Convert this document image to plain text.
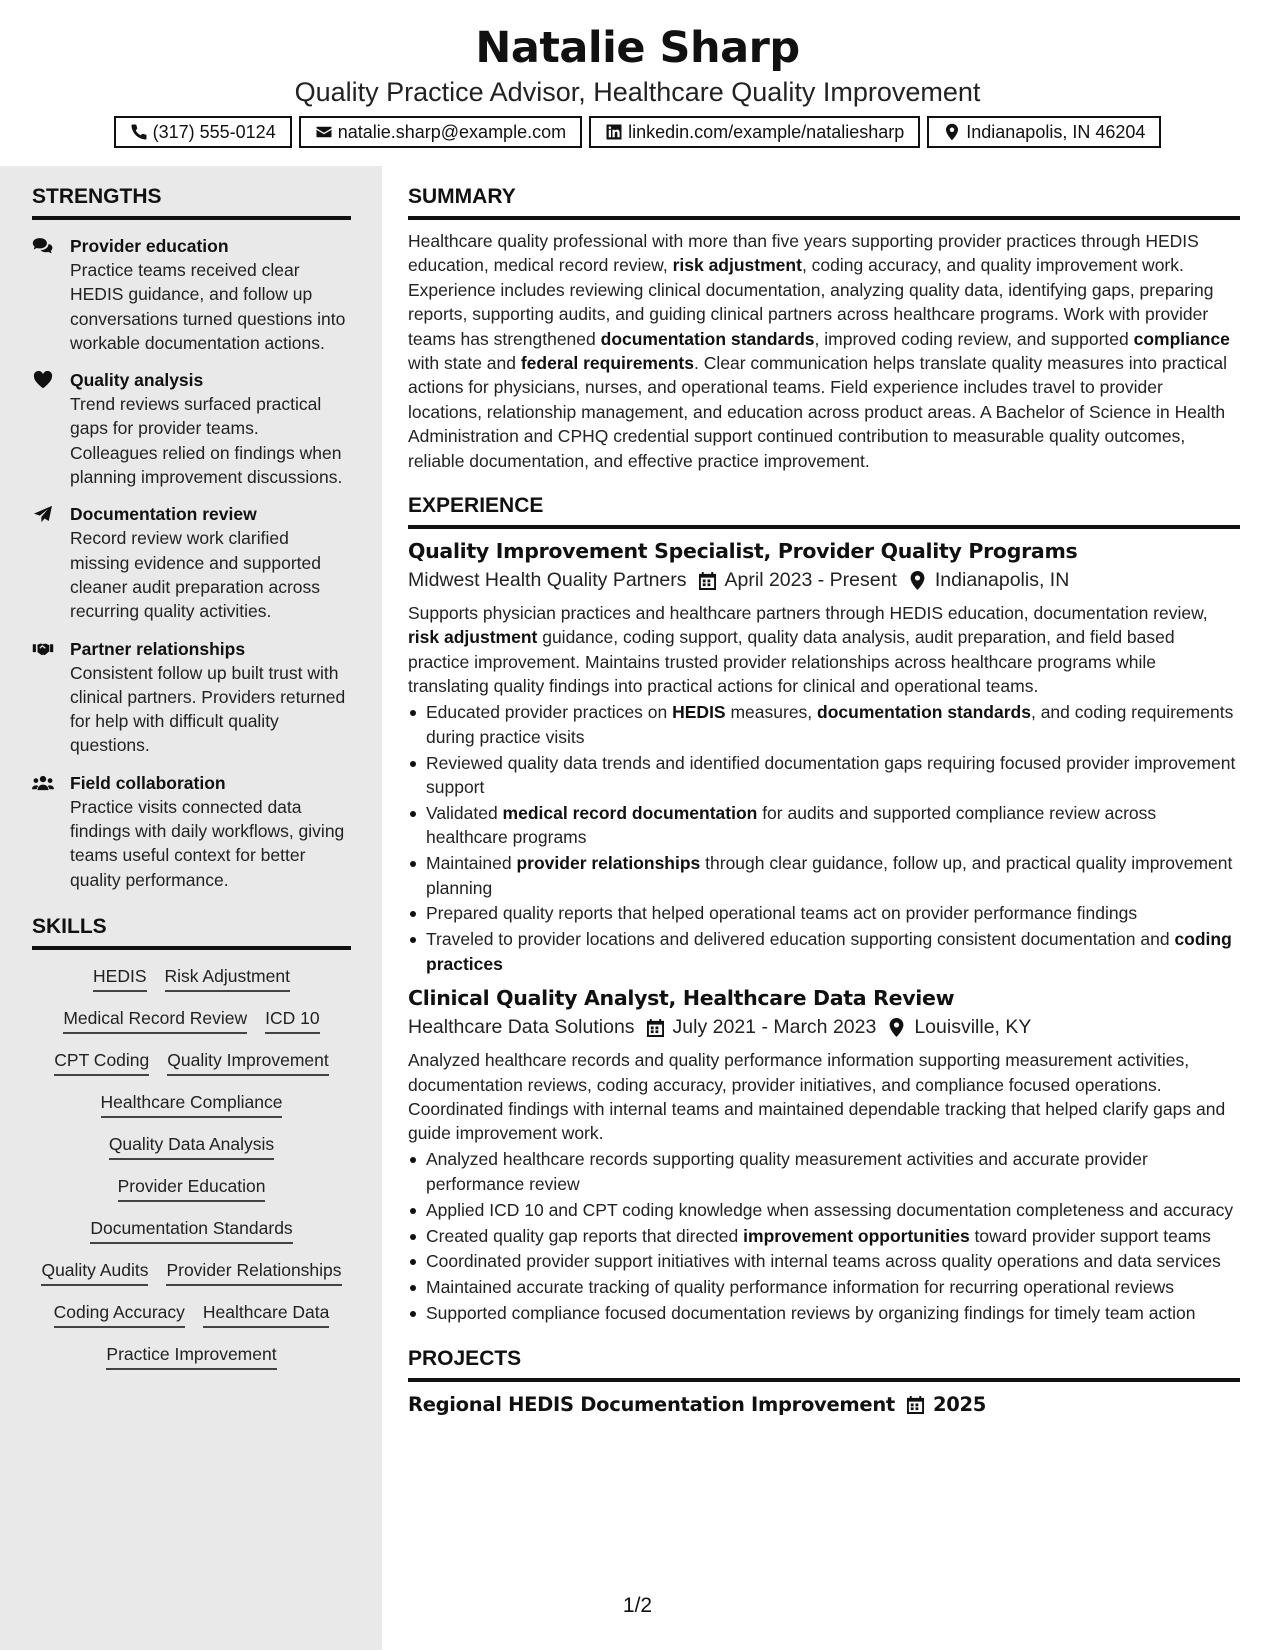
Natalie Sharp
Quality Practice Advisor, Healthcare Quality Improvement
(317) 555-0124	natalie.sharp@example.com	linkedin.com/example/nataliesharp	Indianapolis, IN 46204
STRENGTHS
Provider education
Practice teams received clear HEDIS guidance, and follow up conversations turned questions into workable documentation actions.
Quality analysis
Trend reviews surfaced practical gaps for provider teams. Colleagues relied on findings when planning improvement discussions.
Documentation review
Record review work clarified missing evidence and supported cleaner audit preparation across recurring quality activities.
Partner relationships
Consistent follow up built trust with clinical partners. Providers returned for help with difficult quality questions.
Field collaboration
Practice visits connected data findings with daily workflows, giving teams useful context for better quality performance.
SKILLS
HEDIS Risk Adjustment
Medical Record Review ICD 10
CPT Coding Quality Improvement
Healthcare Compliance
Quality Data Analysis
Provider Education
Documentation Standards
Quality Audits Provider Relationships
Coding Accuracy Healthcare Data
Practice Improvement
SUMMARY
Healthcare quality professional with more than five years supporting provider practices through HEDIS education, medical record review, risk adjustment, coding accuracy, and quality improvement work. Experience includes reviewing clinical documentation, analyzing quality data, identifying gaps, preparing reports, supporting audits, and guiding clinical partners across healthcare programs. Work with provider teams has strengthened documentation standards, improved coding review, and supported compliance with state and federal requirements. Clear communication helps translate quality measures into practical actions for physicians, nurses, and operational teams. Field experience includes travel to provider locations, relationship management, and education across product areas. A Bachelor of Science in Health Administration and CPHQ credential support continued contribution to measurable quality outcomes, reliable documentation, and effective practice improvement.
EXPERIENCE
Quality Improvement Specialist, Provider Quality Programs
Midwest Health Quality Partners April 2023 - Present Indianapolis, IN
Supports physician practices and healthcare partners through HEDIS education, documentation review, risk adjustment guidance, coding support, quality data analysis, audit preparation, and field based practice improvement. Maintains trusted provider relationships across healthcare programs while translating quality findings into practical actions for clinical and operational teams.
Educated provider practices on HEDIS measures, documentation standards, and coding requirements during practice visits
Reviewed quality data trends and identified documentation gaps requiring focused provider improvement support
Validated medical record documentation for audits and supported compliance review across healthcare programs
Maintained provider relationships through clear guidance, follow up, and practical quality improvement planning
Prepared quality reports that helped operational teams act on provider performance findings
Traveled to provider locations and delivered education supporting consistent documentation and coding practices
Clinical Quality Analyst, Healthcare Data Review
Healthcare Data Solutions July 2021 - March 2023 Louisville, KY
Analyzed healthcare records and quality performance information supporting measurement activities, documentation reviews, coding accuracy, provider initiatives, and compliance focused operations. Coordinated findings with internal teams and maintained dependable tracking that helped clarify gaps and guide improvement work.
Analyzed healthcare records supporting quality measurement activities and accurate provider performance review
Applied ICD 10 and CPT coding knowledge when assessing documentation completeness and accuracy
Created quality gap reports that directed improvement opportunities toward provider support teams
Coordinated provider support initiatives with internal teams across quality operations and data services
Maintained accurate tracking of quality performance information for recurring operational reviews
Supported compliance focused documentation reviews by organizing findings for timely team action
PROJECTS
Regional HEDIS Documentation Improvement 2025
1/2
